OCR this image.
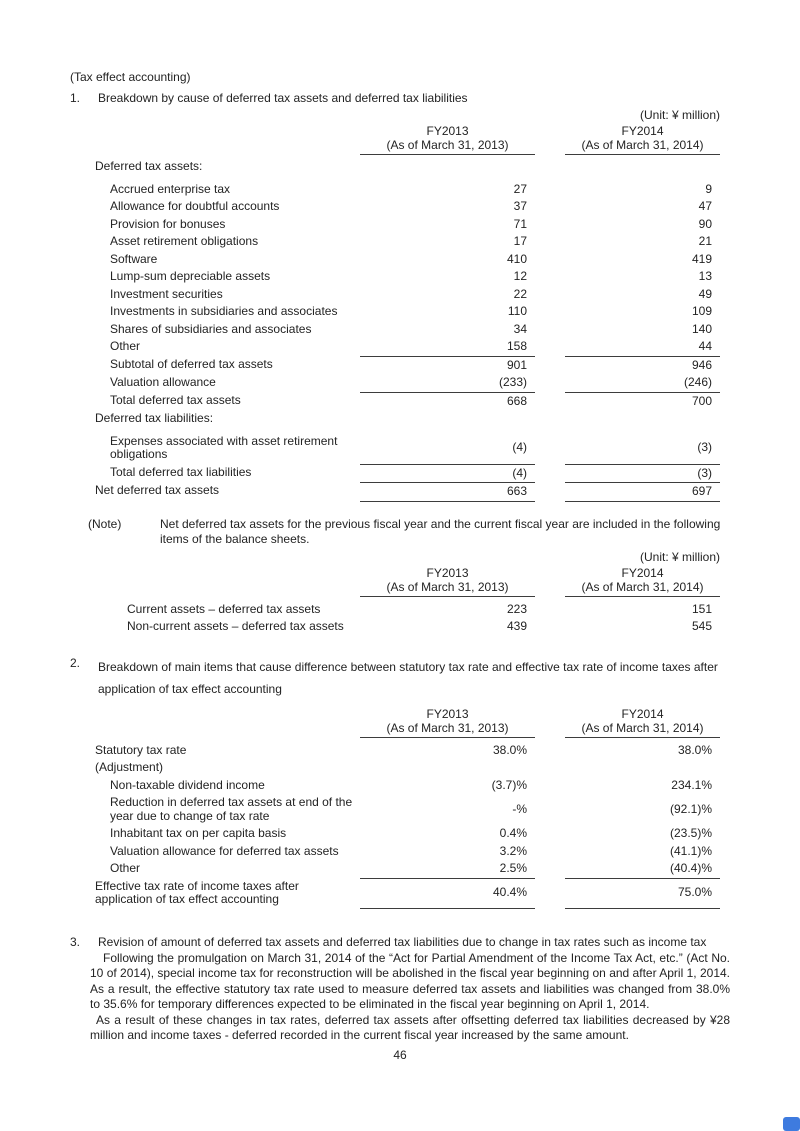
(Tax effect accounting)
1.	Breakdown by cause of deferred tax assets and deferred tax liabilities
(Unit: ¥ million)
FY2013
(As of March 31, 2013)
FY2014
(As of March 31, 2014)
Deferred tax assets:
Accrued enterprise tax	27	9
Allowance for doubtful accounts	37	47
Provision for bonuses	71	90
Asset retirement obligations	17	21
Software	410	419
Lump-sum depreciable assets	12	13
Investment securities	22	49
Investments in subsidiaries and associates	110	109
Shares of subsidiaries and associates	34	140
Other	158	44
Subtotal of deferred tax assets	901	946
Valuation allowance	(233)	(246)
Total deferred tax assets	668	700
Deferred tax liabilities:
Expenses associated with asset retirement obligations	(4)	(3)
Total deferred tax liabilities	(4)	(3)
Net deferred tax assets	663	697
(Note)	Net deferred tax assets for the previous fiscal year and the current fiscal year are included in the following items of the balance sheets.
(Unit: ¥ million)
FY2013
(As of March 31, 2013)
FY2014
(As of March 31, 2014)
Current assets – deferred tax assets	223	151
Non-current assets – deferred tax assets	439	545
2.	Breakdown of main items that cause difference between statutory tax rate and effective tax rate of income taxes after
application of tax effect accounting
FY2013
(As of March 31, 2013)
FY2014
(As of March 31, 2014)
Statutory tax rate	38.0%	38.0%
(Adjustment)
Non-taxable dividend income	(3.7)%	234.1%
Reduction in deferred tax assets at end of the year due to change of tax rate	-%	(92.1)%
Inhabitant tax on per capita basis	0.4%	(23.5)%
Valuation allowance for deferred tax assets	3.2%	(41.1)%
Other	2.5%	(40.4)%
Effective tax rate of income taxes after application of tax effect accounting	40.4%	75.0%
3.	Revision of amount of deferred tax assets and deferred tax liabilities due to change in tax rates such as income tax

Following the promulgation on March 31, 2014 of the “Act for Partial Amendment of the Income Tax Act, etc.” (Act No. 10 of 2014), special income tax for reconstruction will be abolished in the fiscal year beginning on and after April 1, 2014. As a result, the effective statutory tax rate used to measure deferred tax assets and liabilities was changed from 38.0% to 35.6% for temporary differences expected to be eliminated in the fiscal year beginning on April 1, 2014.

As a result of these changes in tax rates, deferred tax assets after offsetting deferred tax liabilities decreased by ¥28 million and income taxes - deferred recorded in the current fiscal year increased by the same amount.

46
